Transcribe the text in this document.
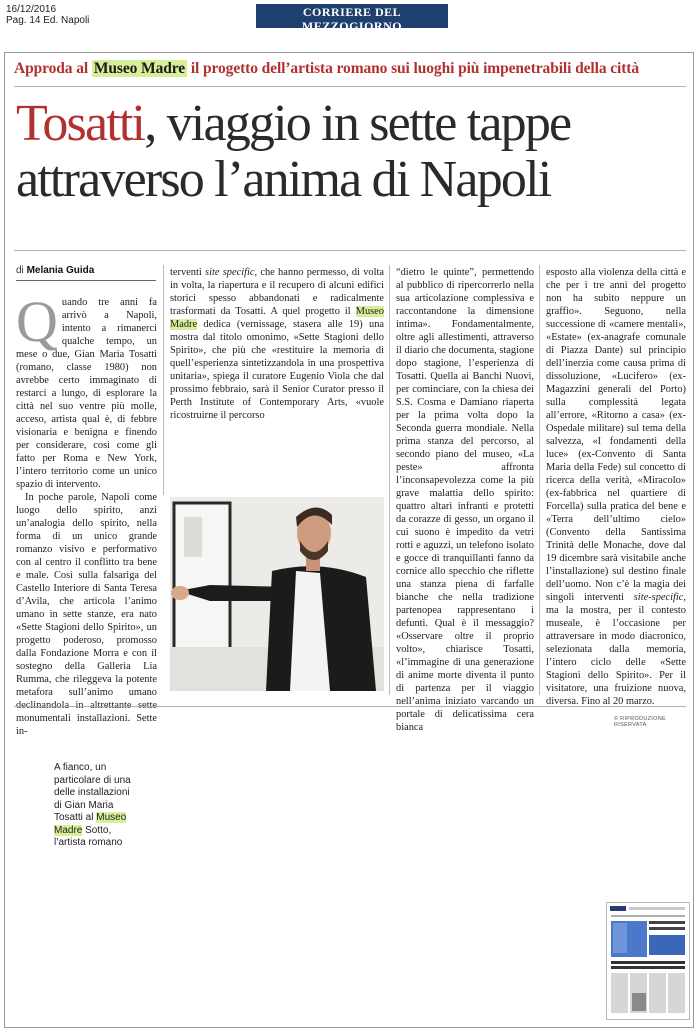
16/12/2016
Pag. 14 Ed. Napoli
CORRIERE DEL MEZZOGIORNO
NAPOLI E CAMPANIA
Approda al Museo Madre il progetto dell’artista romano sui luoghi più impenetrabili della città
Tosatti, viaggio in sette tappe
attraverso l’anima di Napoli
di Melania Guida
Q uando tre anni fa arrivò a Napoli, intento a rimanerci qualche tempo, un mese o due, Gian Maria Tosatti (romano, classe 1980) non avrebbe certo immaginato di restarci a lungo, di esplorare la città nel suo ventre più molle, acceso, artista qual è, di febbre visionaria e benigna e finendo per considerare, così come gli fatto per Roma e New York, l’intero territorio come un unico spazio di intervento.

In poche parole, Napoli come luogo dello spirito, anzi un’analogia dello spirito, nella forma di un unico grande romanzo visivo e performativo con al centro il conflitto tra bene e male. Così sulla falsariga del Castello Interiore di Santa Teresa d’Avila, che articola l’animo umano in sette stanze, era nato «Sette Stagioni dello Spirito», un progetto poderoso, promosso dalla Fondazione Morra e con il sostegno della Galleria Lia Rumma, che rileggeva la potente metafora sull’animo umano declinandola in altrettante sette monumentali installazioni. Sette in-

terventi site specific, che hanno permesso, di volta in volta, la riapertura e il recupero di alcuni edifici storici spesso abbandonati e radicalmente trasformati da Tosatti. A quel progetto il Museo Madre dedica (vernissage, stasera alle 19) una mostra dal titolo omonimo, «Sette Stagioni dello Spirito», che più che «restituire la memoria di quell’esperienza sintetizzandola in una prospettiva unitaria», spiega il curatore Eugenio Viola che dal prossimo febbraio, sarà il Senior Curator presso il Perth Institute of Contemporary Arts, «vuole ricostruirne il percorso

“dietro le quinte”, permettendo al pubblico di ripercorrerlo nella sua articolazione complessiva e raccontandone la dimensione intima». Fondamentalmente, oltre agli allestimenti, attraverso il diario che documenta, stagione dopo stagione, l’esperienza di Tosatti. Quella ai Banchi Nuovi, per cominciare, con la chiesa dei S.S. Cosma e Damiano riaperta per la prima volta dopo la Seconda guerra mondiale. Nella prima stanza del percorso, al secondo piano del museo, «La peste» affronta l’inconsapevolezza come la più grave malattia dello spirito: quattro altari infranti e protetti da corazze di gesso, un organo il cui suono è impedito da vetri rotti e aguzzi, un telefono isolato e gocce di tranquillanti fanno da cornice allo specchio che riflette una stanza piena di farfalle bianche che nella tradizione partenopea rappresentano i defunti. Qual è il messaggio? «Osservare oltre il proprio volto», chiarisce Tosatti, «l’immagine di una generazione di anime morte diventa il punto di partenza per il viaggio nell’anima iniziato varcando un portale di delicatissima cera bianca

esposto alla violenza della città e che per i tre anni del progetto non ha subito neppure un graffio». Seguono, nella successione di «camere mentali», «Estate» (ex-anagrafe comunale di Piazza Dante) sul principio dell’inerzia come causa prima di dissoluzione, «Lucifero» (ex- Magazzini generali del Porto) sulla complessità legata all’errore, «Ritorno a casa» (ex-Ospedale militare) sul tema della salvezza, «I fondamenti della luce» (ex-Convento di Santa Maria della Fede) sul concetto di ricerca della verità, «Miracolo» (ex-fabbrica nel quartiere di Forcella) sulla pratica del bene e «Terra dell’ultimo cielo» (Convento della Santissima Trinità delle Monache, dove dal 19 dicembre sarà visitabile anche l’installazione) sul destino finale dell’uomo. Non c’è la magia dei singoli interventi site-specific, ma la mostra, per il contesto museale, è l’occasione per attraversare in modo diacronico, selezionata dalla memoria, l’intero ciclo delle «Sette Stagioni dello Spirito». Per il visitatore, una fruizione nuova, diversa. Fino al 20 marzo.

© RIPRODUZIONE RISERVATA
A fianco, un particolare di una delle installazioni di Gian Maria Tosatti al Museo Madre Sotto, l’artista romano
